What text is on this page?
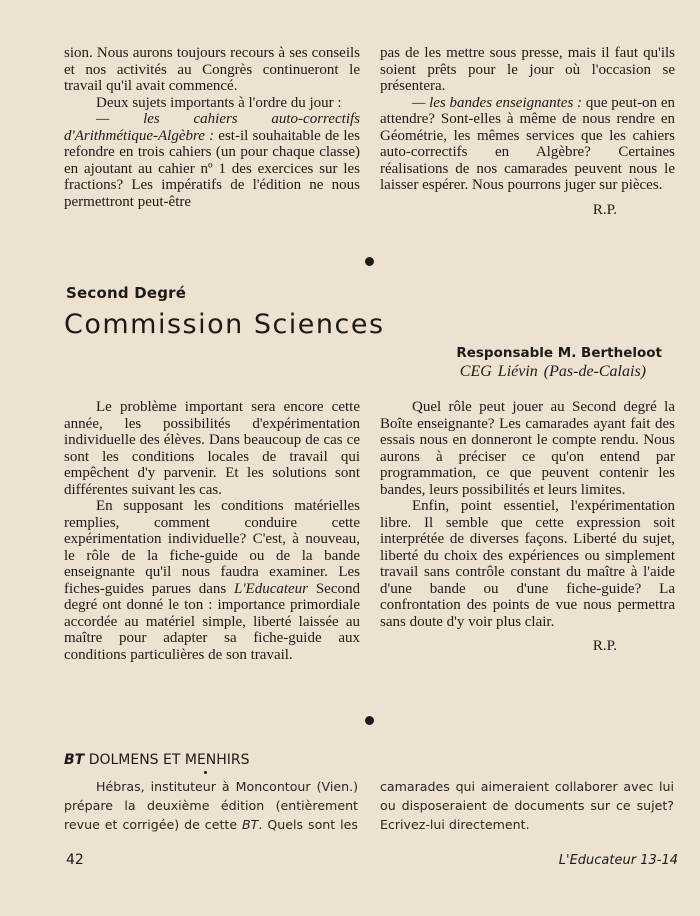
sion. Nous aurons toujours recours à ses conseils et nos activités au Congrès continueront le travail qu'il avait commencé.

Deux sujets importants à l'ordre du jour :

— les cahiers auto-correctifs d'Arithmétique-Algèbre : est-il souhaitable de les refondre en trois cahiers (un pour chaque classe) en ajoutant au cahier nº 1 des exercices sur les fractions? Les impératifs de l'édition ne nous permettront peut-être

pas de les mettre sous presse, mais il faut qu'ils soient prêts pour le jour où l'occasion se présentera.

— les bandes enseignantes : que peut-on en attendre? Sont-elles à même de nous rendre en Géométrie, les mêmes services que les cahiers auto-correctifs en Algèbre? Certaines réalisations de nos camarades peuvent nous le laisser espérer. Nous pourrons juger sur pièces.

R.P.

Second Degré
Commission Sciences
Responsable M. Bertheloot
CEG Liévin (Pas-de-Calais)

Le problème important sera encore cette année, les possibilités d'expérimentation individuelle des élèves. Dans beaucoup de cas ce sont les conditions locales de travail qui empêchent d'y parvenir. Et les solutions sont différentes suivant les cas.

En supposant les conditions matérielles remplies, comment conduire cette expérimentation individuelle? C'est, à nouveau, le rôle de la fiche-guide ou de la bande enseignante qu'il nous faudra examiner. Les fiches-guides parues dans L'Educateur Second degré ont donné le ton : importance primordiale accordée au matériel simple, liberté laissée au maître pour adapter sa fiche-guide aux conditions particulières de son travail.

Quel rôle peut jouer au Second degré la Boîte enseignante? Les camarades ayant fait des essais nous en donneront le compte rendu. Nous aurons à préciser ce qu'on entend par programmation, ce que peuvent contenir les bandes, leurs possibilités et leurs limites.

Enfin, point essentiel, l'expérimentation libre. Il semble que cette expression soit interprétée de diverses façons. Liberté du sujet, liberté du choix des expériences ou simplement travail sans contrôle constant du maître à l'aide d'une bande ou d'une fiche-guide? La confrontation des points de vue nous permettra sans doute d'y voir plus clair.

R.P.

BT DOLMENS ET MENHIRS

Hébras, instituteur à Moncontour (Vien.) prépare la deuxième édition (entièrement revue et corrigée) de cette BT. Quels sont les camarades qui aimeraient collaborer avec lui ou disposeraient de documents sur ce sujet? Ecrivez-lui directement.

42	L'Educateur 13-14
